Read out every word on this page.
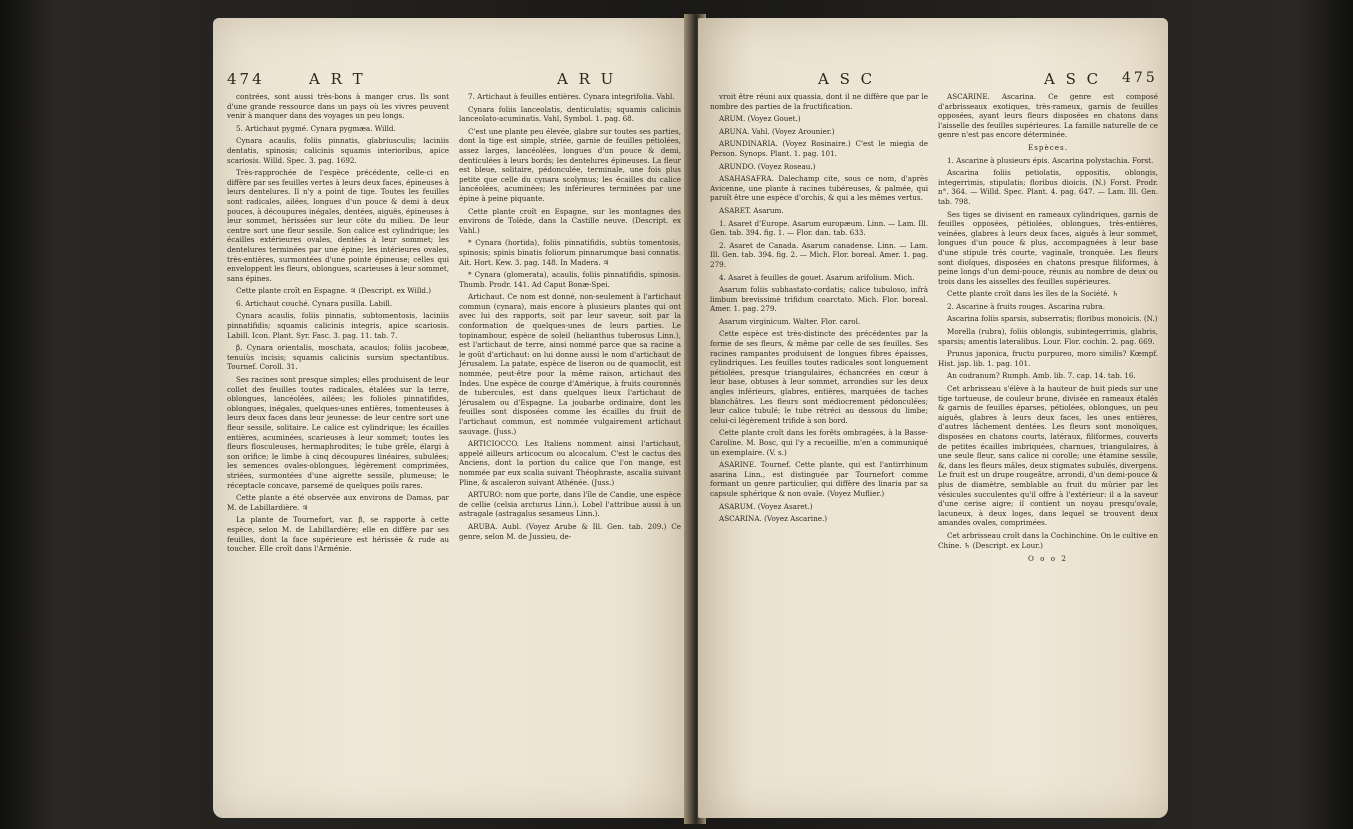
474	A R T	A R U

contrées, sont aussi très-bons à manger crus. Ils sont d'une grande ressource dans un pays où les vivres peuvent venir à manquer dans des voyages un peu longs.

5. Artichaut pygmé. Cynara pygmæa. Willd.

Cynara acaulis, foliis pinnatis, glabriusculis; laciniis dentatis, spinosis; calicinis squamis interioribus, apice scariosis. Willd. Spec. 3. pag. 1692.

Très-rapprochée de l'espèce précédente, celle-ci en diffère par ses feuilles vertes à leurs deux faces, épineuses à leurs dentelures. Il n'y a point de tige. Toutes les feuilles sont radicales, ailées, longues d'un pouce & demi à deux pouces, à découpures inégales, dentées, aiguës, épineuses à leur sommet, hérissées sur leur côte du milieu. De leur centre sort une fleur sessile. Son calice est cylindrique; les écailles extérieures ovales, dentées à leur sommet; les dentelures terminées par une épine; les intérieures ovales, très-entières, surmontées d'une pointe épineuse; celles qui enveloppent les fleurs, oblongues, scarieuses à leur sommet, sans épines.

Cette plante croît en Espagne. ♃ (Descript. ex Willd.)

6. Artichaut couché. Cynara pusilla. Labill.

Cynara acaulis, foliis pinnatis, subtomentosis, laciniis pinnatifidis; squamis calicinis integris, apice scariosis. Labill. Icon. Plant. Syr. Fasc. 3. pag. 11. tab. 7.

β. Cynara orientalis, moschata, acaulos; foliis jacobeæ, tenuiùs incisis; squamis calicinis sursùm spectantibus. Tournef. Coroll. 31.

Ses racines sont presque simples; elles produisent de leur collet des feuilles toutes radicales, étalées sur la terre, oblongues, lancéolées, ailées; les folioles pinnatifides, oblongues, inégales, quelques-unes entières, tomenteuses à leurs deux faces dans leur jeunesse: de leur centre sort une fleur sessile, solitaire. Le calice est cylindrique; les écailles entières, acuminées, scarieuses à leur sommet; toutes les fleurs flosculeuses, hermaphrodites; le tube grêle, élargi à son orifice; le limbe à cinq découpures linéaires, subulées; les semences ovales-oblongues, légèrement comprimées, striées, surmontées d'une aigrette sessile, plumeuse; le réceptacle concave, parsemé de quelques poils rares.

Cette plante a été observée aux environs de Damas, par M. de Labillardière. ♃

La plante de Tournefort, var. β, se rapporte à cette espèce, selon M. de Labillardière; elle en diffère par ses feuilles, dont la face supérieure est hérissée & rude au toucher. Elle croît dans l'Arménie.

7. Artichaut à feuilles entières. Cynara integrifolia. Vahl.

Cynara foliis lanceolatis, denticulatis; squamis calicinis lanceolato-acuminatis. Vahl, Symbol. 1. pag. 68.

C'est une plante peu élevée, glabre sur toutes ses parties, dont la tige est simple, striée, garnie de feuilles pétiolées, assez larges, lancéolées, longues d'un pouce & demi, denticulées à leurs bords; les dentelures épineuses. La fleur est bleue, solitaire, pédonculée, terminale, une fois plus petite que celle du cynara scolymus; les écailles du calice lancéolées, acuminées; les inférieures terminées par une épine à peine piquante.

Cette plante croît en Espagne, sur les montagnes des environs de Tolède, dans la Castille neuve. (Descript. ex Vahl.)

* Cynara (hortida), foliis pinnatifidis, subtùs tomentosis, spinosis; spinis binatis foliorum pinnarumque basi connatis. Ait. Hort. Kew. 3. pag. 148. In Madera. ♃

* Cynara (glomerata), acaulis, foliis pinnatifidis, spinosis. Thumb. Prodr. 141. Ad Caput Bonæ-Spei.

Artichaut. Ce nom est donné, non-seulement à l'artichaut commun (cynara), mais encore à plusieurs plantes qui ont avec lui des rapports, soit par leur saveur, soit par la conformation de quelques-unes de leurs parties. Le topinambour, espèce de soleil (helianthus tuberosus Linn.), est l'artichaut de terre, ainsi nommé parce que sa racine a le goût d'artichaut: on lui donne aussi le nom d'artichaut de Jérusalem. La patate, espèce de liseron ou de quamoclit, est nommée, peut-être pour la même raison, artichaut des Indes. Une espèce de courge d'Amérique, à fruits couronnés de tubercules, est dans quelques lieux l'artichaut de Jérusalem ou d'Espagne. La joubarbe ordinaire, dont les feuilles sont disposées comme les écailles du fruit de l'artichaut commun, est nommée vulgairement artichaut sauvage. (Juss.)

ARTICIOCCO. Les Italiens nomment ainsi l'artichaut, appelé ailleurs articocum ou alcocalum. C'est le cactus des Anciens, dont la portion du calice que l'on mange, est nommée par eux scalia suivant Théophraste, ascalia suivant Pline, & ascaleron suivant Athénée. (Juss.)

ARTURO: nom que porte, dans l'île de Candie, une espèce de cellie (celsia arcturus Linn.). Lobel l'attribue aussi à un astragale (astragalus sesameus Linn.).

ARUBA. Aubl. (Voyez Arube & Ill. Gen. tab. 209.) Ce genre, selon M. de Jussieu, de-

A S C	A S C 475

vroit être réuni aux quassia, dont il ne diffère que par le nombre des parties de la fructification.

ARUM. (Voyez Gouet.)

ARUNA. Vahl. (Voyez Arounier.)

ARUNDINARIA. (Voyez Rosinaire.) C'est le miegia de Person. Synops. Plant. 1. pag. 101.

ARUNDO. (Voyez Roseau.)

ASAHASAFRA. Dalechamp cite, sous ce nom, d'après Avicenne, une plante à racines tubéreuses, & palmée, qui paroît être une espèce d'orchis, & qui a les mêmes vertus.

ASARET. Asarum.

1. Asaret d'Europe. Asarum europæum. Linn. — Lam. Ill. Gen. tab. 394. fig. 1. — Flor. dan. tab. 633.

2. Asaret de Canada. Asarum canadense. Linn. — Lam. Ill. Gen. tab. 394. fig. 2. — Mich. Flor. boreal. Amer. 1. pag. 279.

4. Asaret à feuilles de gouet. Asarum arifolium. Mich.

Asarum foliis subhastato-cordatis; calice tubuloso, infrà limbum brevissimè trifidum coarctato. Mich. Flor. boreal. Amer. 1. pag. 279.

Asarum virginicum. Walter. Flor. carol.

Cette espèce est très-distincte des précédentes par la forme de ses fleurs, & même par celle de ses feuilles. Ses racines rampantes produisent de longues fibres épaisses, cylindriques. Les feuilles toutes radicales sont longuement pétiolées, presque triangulaires, échancrées en cœur à leur base, obtuses à leur sommet, arrondies sur les deux angles inférieurs, glabres, entières, marquées de taches blanchâtres. Les fleurs sont médiocrement pédonculées; leur calice tubulé; le tube rétréci au dessous du limbe; celui-ci légèrement trifide à son bord.

Cette plante croît dans les forêts ombragées, à la Basse-Caroline. M. Bosc, qui l'y a recueillie, m'en a communiqué un exemplaire. (V. s.)

ASARINE. Tournef. Cette plante, qui est l'antirrhinum asarina Linn., est distinguée par Tournefort comme formant un genre particulier, qui diffère des linaria par sa capsule sphérique & non ovale. (Voyez Muflier.)

ASARUM. (Voyez Asaret.)

ASCARINA. (Voyez Ascarine.)

ASCARINE. Ascarina. Ce genre est composé d'arbrisseaux exotiques, très-rameux, garnis de feuilles opposées, ayant leurs fleurs disposées en chatons dans l'aisselle des feuilles supérieures. La famille naturelle de ce genre n'est pas encore déterminée.

Espèces.

1. Ascarine à plusieurs épis. Ascarina polystachia. Forst.

Ascarina foliis petiolatis, oppositis, oblongis, integerrimis, stipulatis; floribus dioicis. (N.) Forst. Prodr. n°. 364. — Willd. Spec. Plant. 4. pag. 647. — Lam. Ill. Gen. tab. 798.

Ses tiges se divisent en rameaux cylindriques, garnis de feuilles opposées, pétiolées, oblongues, très-entières, veinées, glabres à leurs deux faces, aiguës à leur sommet, longues d'un pouce & plus, accompagnées à leur base d'une stipule très courte, vaginale, tronquée. Les fleurs sont dioïques, disposées en chatons presque filiformes, à peine longs d'un demi-pouce, réunis au nombre de deux ou trois dans les aisselles des feuilles supérieures.

Cette plante croît dans les îles de la Société. ♄

2. Ascarine à fruits rouges. Ascarina rubra.

Ascarina foliis sparsis, subserratis; floribus monoicis. (N.)

Morella (rubra), foliis oblongis, subintegerrimis, glabris, sparsis; amentis lateralibus. Lour. Flor. cochin. 2. pag. 669.

Prunus japonica, fructu purpureo, moro similis? Kœmpf. Hist. jap. lib. 1. pag. 101.

An codranum? Rumph. Amb. lib. 7. cap. 14. tab. 16.

Cet arbrisseau s'élève à la hauteur de huit pieds sur une tige tortueuse, de couleur brune, divisée en rameaux étalés & garnis de feuilles éparses, pétiolées, oblongues, un peu aiguës, glabres à leurs deux faces, les unes entières, d'autres lâchement dentées. Les fleurs sont monoïques, disposées en chatons courts, latéraux, filiformes, couverts de petites écailles imbriquées, charnues, triangulaires, à une seule fleur, sans calice ni corolle; une étamine sessile, &, dans les fleurs mâles, deux stigmates subulés, divergens. Le fruit est un drupe rougeâtre, arrondi, d'un demi-pouce & plus de diamètre, semblable au fruit du mûrier par les vésicules succulentes qu'il offre à l'extérieur: il a la saveur d'une cerise aigre; il contient un noyau presqu'ovale, lacuneux, à deux loges, dans lequel se trouvent deux amandes ovales, comprimées.

Cet arbrisseau croît dans la Cochinchine. On le cultive en Chine. ♄ (Descript. ex Lour.)

O o o 2
